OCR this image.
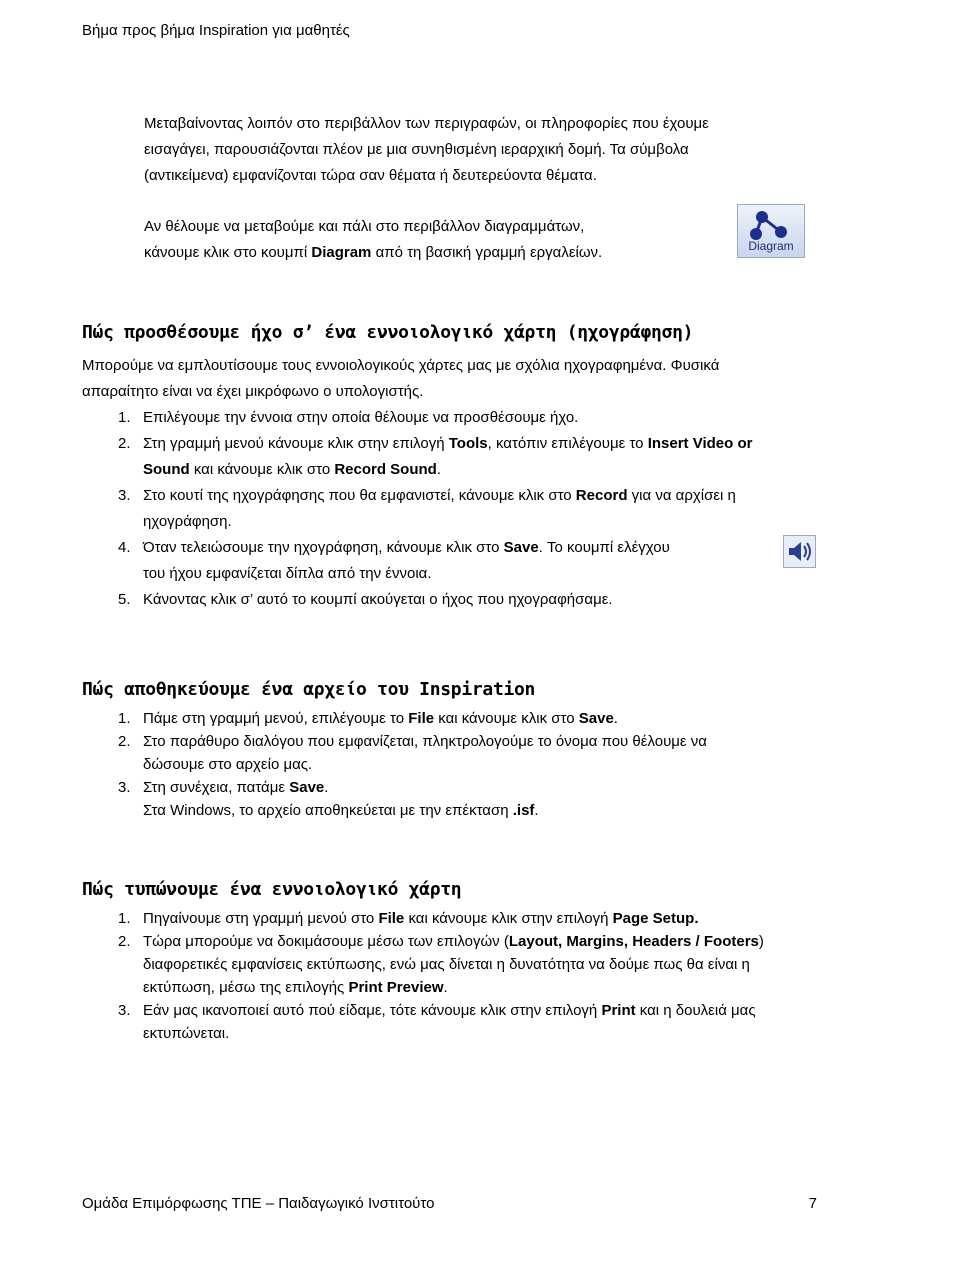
Βήμα προς βήμα Inspiration για μαθητές

Μεταβαίνοντας λοιπόν στο περιβάλλον των περιγραφών, οι πληροφορίες που έχουμε

εισαγάγει, παρουσιάζονται πλέον με μια συνηθισμένη ιεραρχική δομή. Τα σύμβολα

(αντικείμενα) εμφανίζονται τώρα σαν θέματα ή δευτερεύοντα θέματα.

Αν θέλουμε να μεταβούμε και πάλι στο περιβάλλον διαγραμμάτων,

κάνουμε κλικ στο κουμπί Diagram από τη βασική γραμμή εργαλείων.	Diagram
Πώς προσθέσουμε ήχο σ’ ένα εννοιολογικό χάρτη (ηχογράφηση)

Μπορούμε να εμπλουτίσουμε τους εννοιολογικούς χάρτες μας με σχόλια ηχογραφημένα. Φυσικά

απαραίτητο είναι να έχει μικρόφωνο ο υπολογιστής.

1. Επιλέγουμε την έννοια στην οποία θέλουμε να προσθέσουμε ήχο.
2. Στη γραμμή μενού κάνουμε κλικ στην επιλογή Tools, κατόπιν επιλέγουμε το Insert Video or
Sound και κάνουμε κλικ στο Record Sound.
3. Στο κουτί της ηχογράφησης που θα εμφανιστεί, κάνουμε κλικ στο Record για να αρχίσει η
ηχογράφηση.
4. Όταν τελειώσουμε την ηχογράφηση, κάνουμε κλικ στο Save. Το κουμπί ελέγχου
του ήχου εμφανίζεται δίπλα από την έννοια.
5. Κάνοντας κλικ σ’ αυτό το κουμπί ακούγεται ο ήχος που ηχογραφήσαμε.
Πώς αποθηκεύουμε ένα αρχείο του Inspiration
1. Πάμε στη γραμμή μενού, επιλέγουμε το File και κάνουμε κλικ στο Save.
2. Στο παράθυρο διαλόγου που εμφανίζεται, πληκτρολογούμε το όνομα που θέλουμε να
δώσουμε στο αρχείο μας.
3. Στη συνέχεια, πατάμε Save.
Στα Windows, το αρχείο αποθηκεύεται με την επέκταση .isf.
Πώς τυπώνουμε ένα εννοιολογικό χάρτη
1. Πηγαίνουμε στη γραμμή μενού στο File και κάνουμε κλικ στην επιλογή Page Setup.
2. Τώρα μπορούμε να δοκιμάσουμε μέσω των επιλογών (Layout, Margins, Headers / Footers)
διαφορετικές εμφανίσεις εκτύπωσης, ενώ μας δίνεται η δυνατότητα να δούμε πως θα είναι η
εκτύπωση, μέσω της επιλογής Print Preview.
3. Εάν μας ικανοποιεί αυτό πού είδαμε, τότε κάνουμε κλικ στην επιλογή Print και η δουλειά μας
εκτυπώνεται.
Ομάδα Επιμόρφωσης ΤΠΕ – Παιδαγωγικό Ινστιτούτο	7
